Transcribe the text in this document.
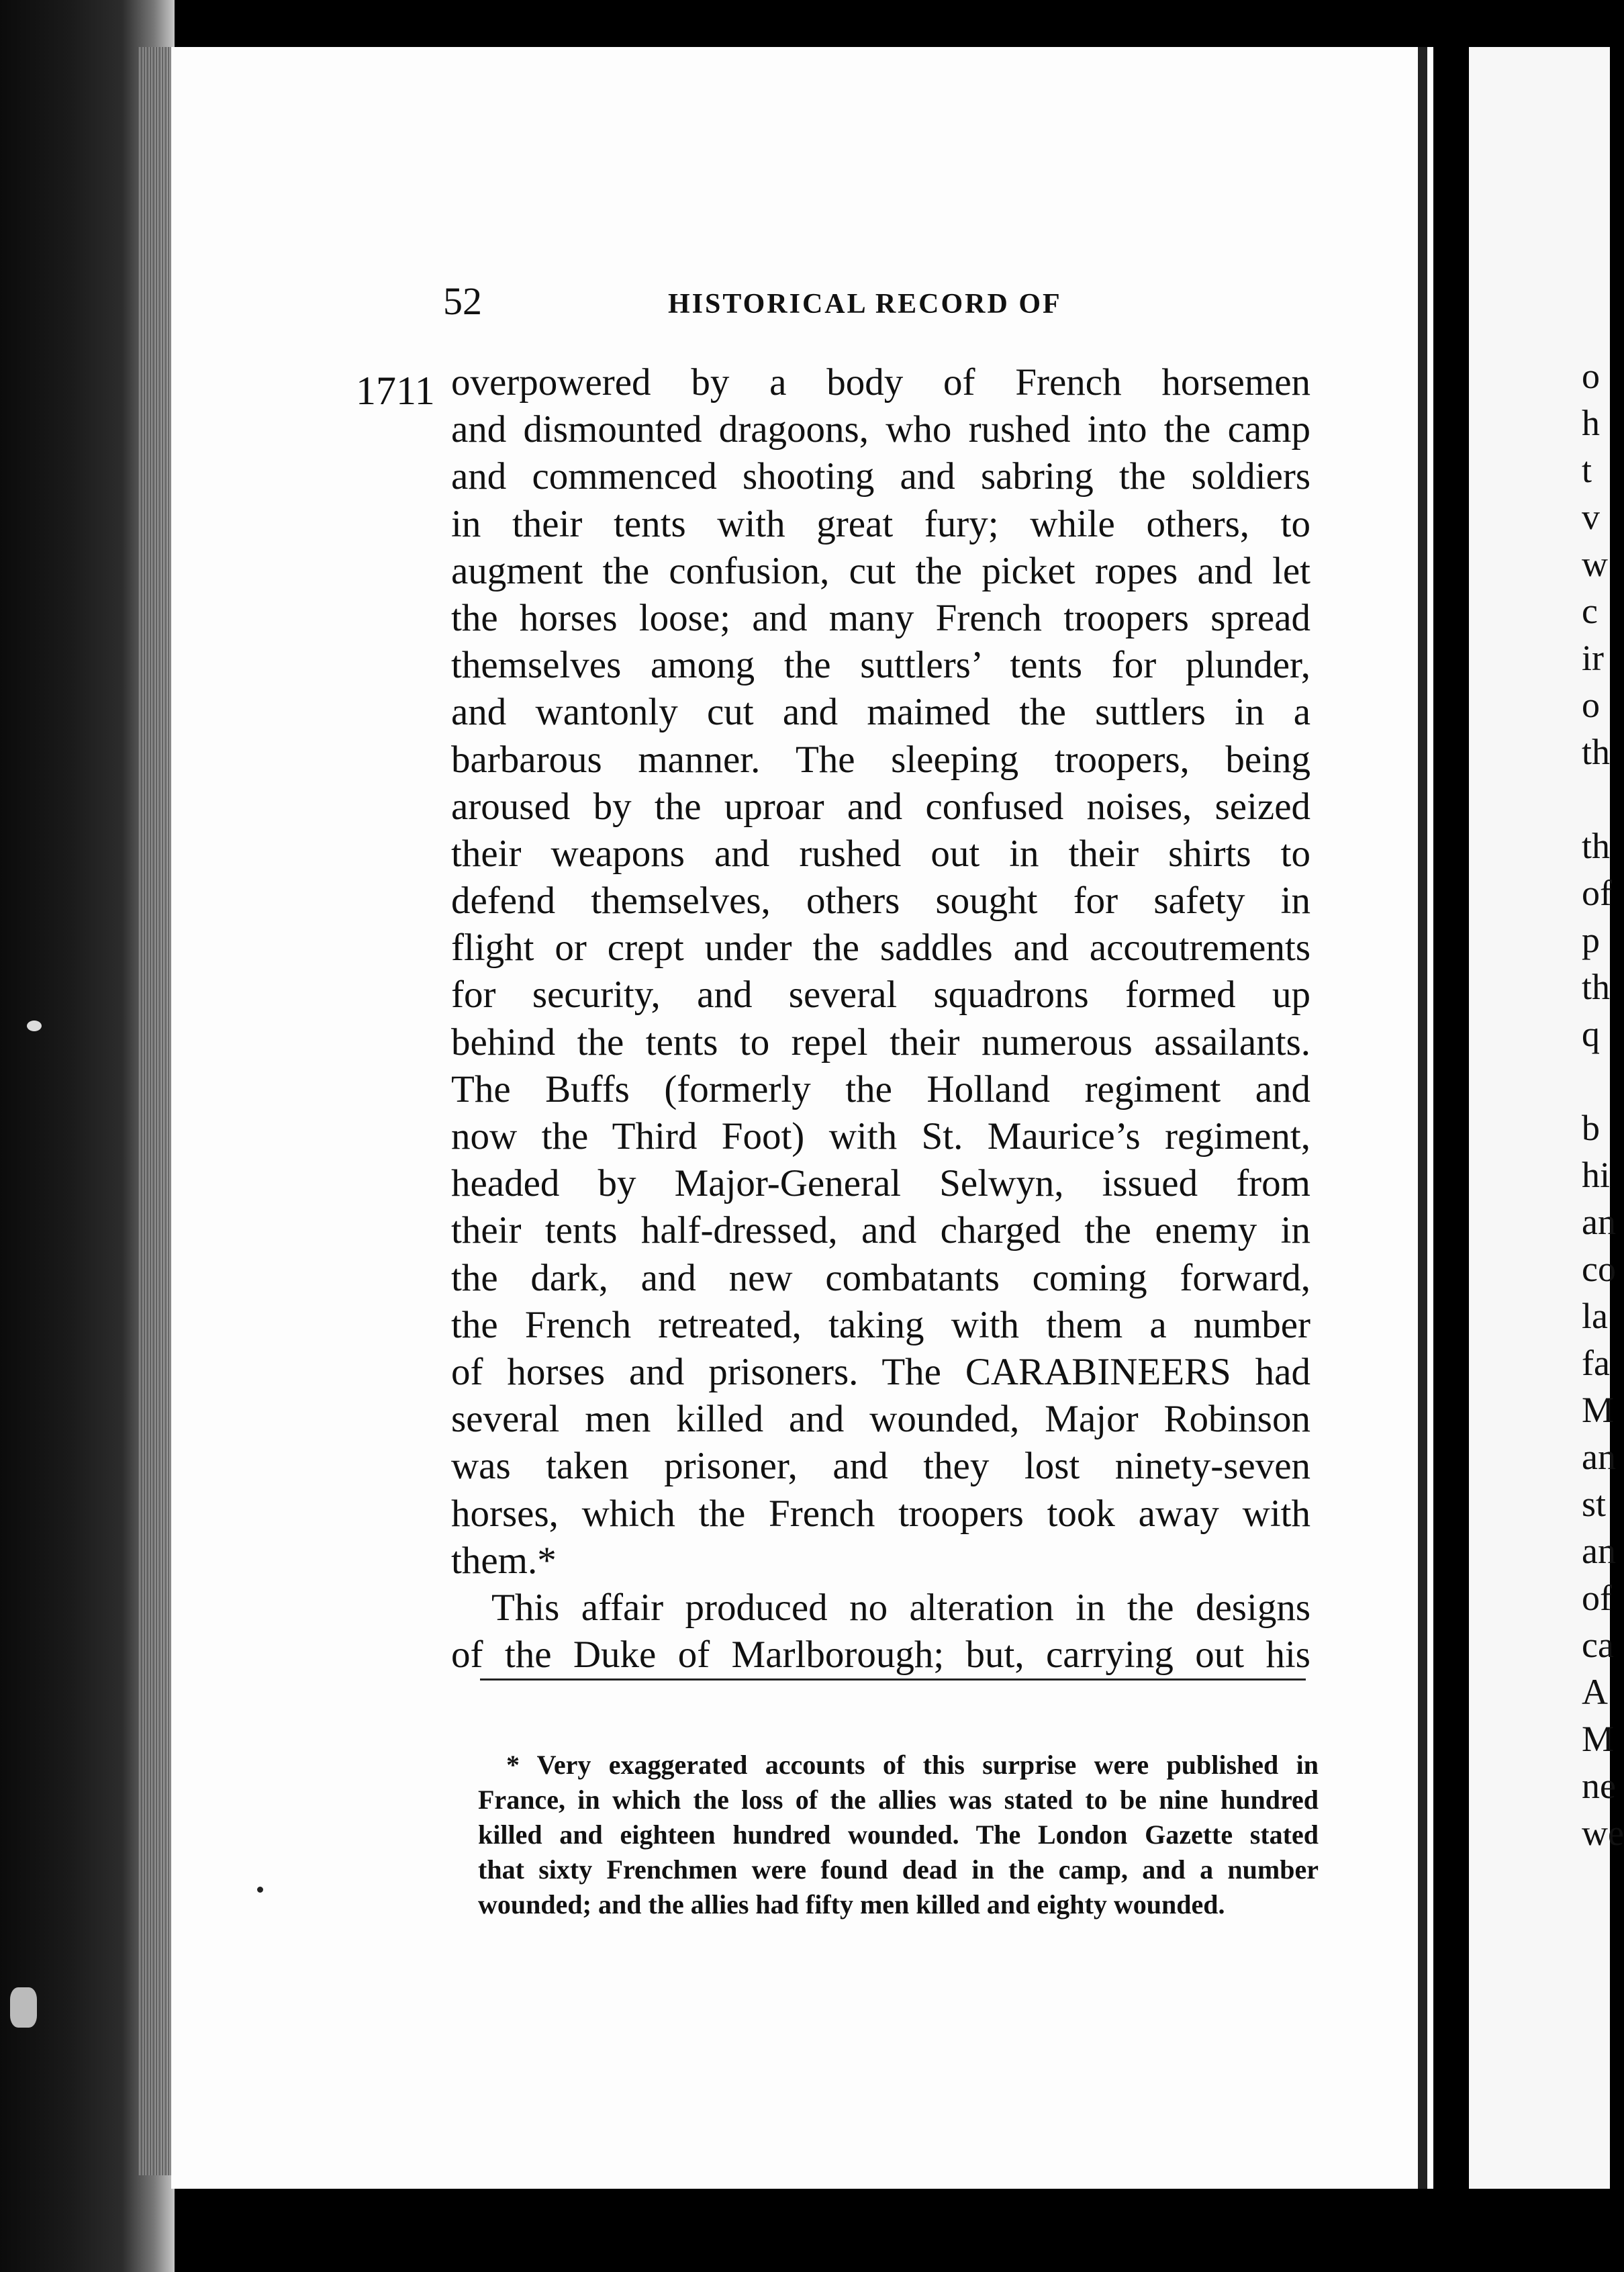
52	HISTORICAL RECORD OF
1711 overpowered by a body of French horsemen
and dismounted dragoons, who rushed into the camp
and commenced shooting and sabring the soldiers
in their tents with great fury; while others, to
augment the confusion, cut the picket ropes and let
the horses loose; and many French troopers spread
themselves among the suttlers’ tents for plunder,
and wantonly cut and maimed the suttlers in a
barbarous manner. The sleeping troopers, being
aroused by the uproar and confused noises, seized
their weapons and rushed out in their shirts to
defend themselves, others sought for safety in
flight or crept under the saddles and accoutrements
for security, and several squadrons formed up
behind the tents to repel their numerous assailants.
The Buffs (formerly the Holland regiment and
now the Third Foot) with St. Maurice’s regiment,
headed by Major-General Selwyn, issued from
their tents half-dressed, and charged the enemy in
the dark, and new combatants coming forward,
the French retreated, taking with them a number
of horses and prisoners. The CARABINEERS had
several men killed and wounded, Major Robinson
was taken prisoner, and they lost ninety-seven
horses, which the French troopers took away with
them.*
This affair produced no alteration in the designs
of the Duke of Marlborough; but, carrying out his
* Very exaggerated accounts of this surprise were published in
France, in which the loss of the allies was stated to be nine hundred
killed and eighteen hundred wounded. The London Gazette stated
that sixty Frenchmen were found dead in the camp, and a number
wounded; and the allies had fifty men killed and eighty wounded.
o
h
t
v
w
c
ir
o
th
th
of
p
th
q
b
hi
an
co
la
fa
M
an
st
an
of
ca
A
M
ne
we
